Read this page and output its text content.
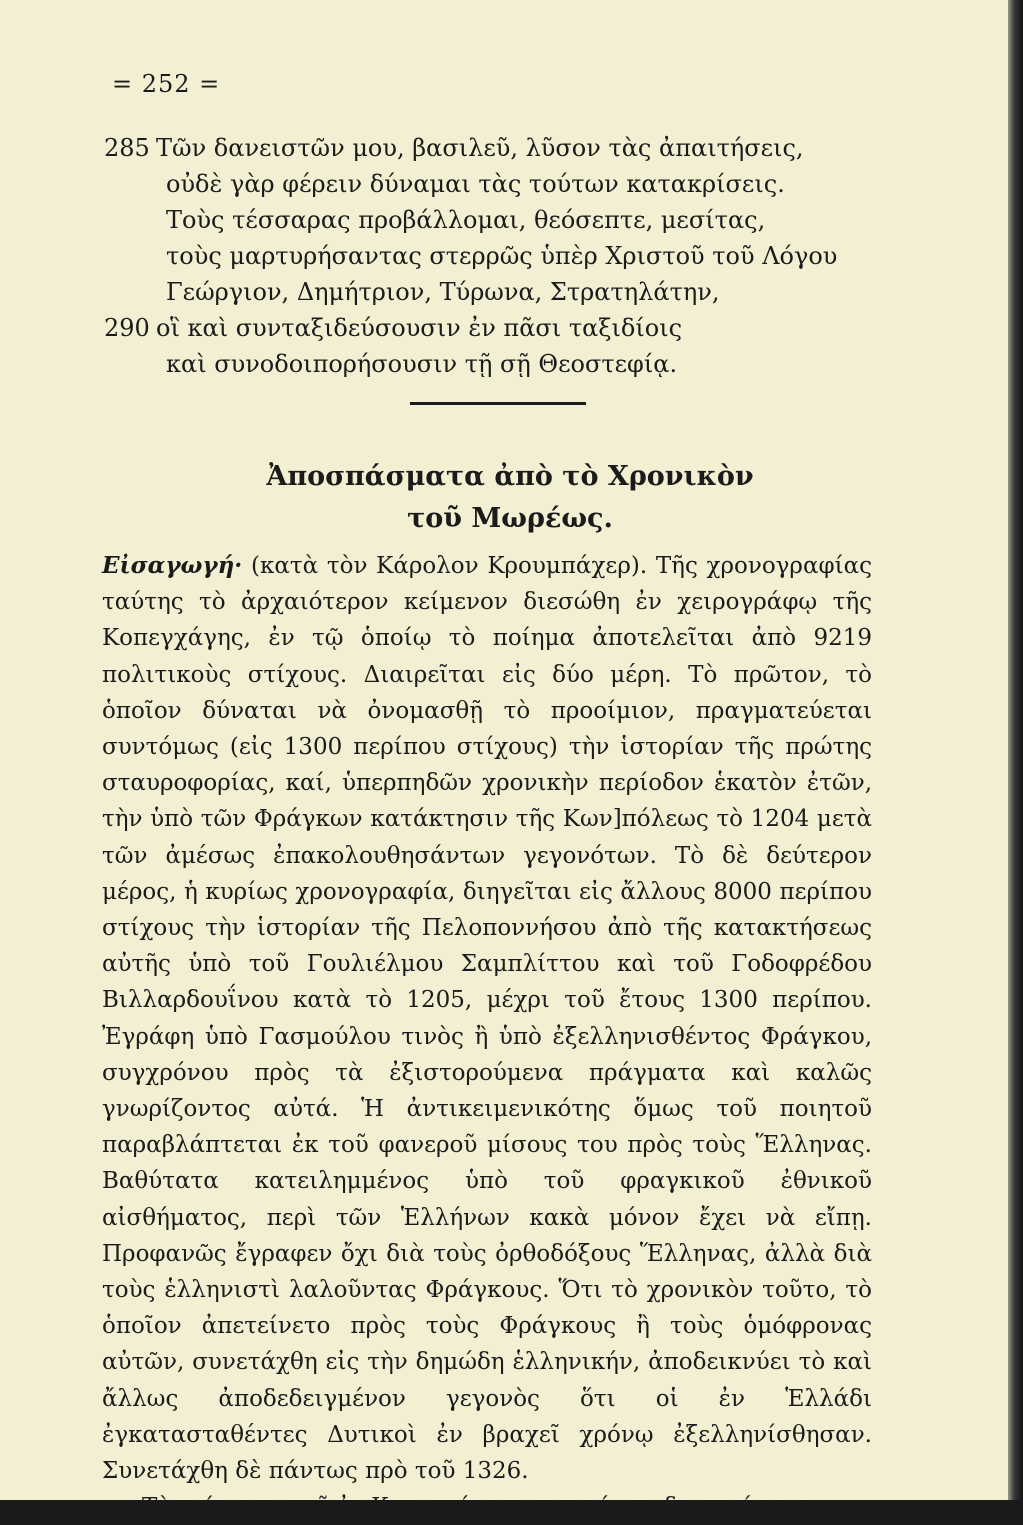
= 252 =
285 Τῶν δανειστῶν μου, βασιλεῦ, λῦσον τὰς ἀπαιτήσεις,
οὐδὲ γὰρ φέρειν δύναμαι τὰς τούτων κατακρίσεις.
Τοὺς τέσσαρας προβάλλομαι, θεόσεπτε, μεσίτας,
τοὺς μαρτυρήσαντας στερρῶς ὑπὲρ Χριστοῦ τοῦ Λόγου
Γεώργιον, Δημήτριον, Τύρωνα, Στρατηλάτην,
290 οἳ καὶ συνταξιδεύσουσιν ἐν πᾶσι ταξιδίοις
καὶ συνοδοιπορήσουσιν τῇ σῇ Θεοστεφίᾳ.
Ἀποσπάσματα ἀπὸ τὸ Χρονικὸν
τοῦ Μωρέως.

Εἰσαγωγή· (κατὰ τὸν Κάρολον Κρουμπάχερ). Τῆς χρονογραφίας ταύτης τὸ ἀρχαιότερον κείμενον διεσώθη ἐν χειρογράφῳ τῆς Κοπεγχάγης, ἐν τῷ ὁποίῳ τὸ ποίημα ἀποτελεῖται ἀπὸ 9219 πολιτικοὺς στίχους. Διαιρεῖται εἰς δύο μέρη. Τὸ πρῶτον, τὸ ὁποῖον δύναται νὰ ὀνομασθῇ τὸ προοίμιον, πραγματεύεται συντόμως (εἰς 1300 περίπου στίχους) τὴν ἱστορίαν τῆς πρώτης σταυροφορίας, καί, ὑπερπηδῶν χρονικὴν περίοδον ἑκατὸν ἐτῶν, τὴν ὑπὸ τῶν Φράγκων κατάκτησιν τῆς Κων]πόλεως τὸ 1204 μετὰ τῶν ἀμέσως ἐπακολουθησάντων γεγονότων. Τὸ δὲ δεύτερον μέρος, ἡ κυρίως χρονογραφία, διηγεῖται εἰς ἄλλους 8000 περίπου στίχους τὴν ἱστορίαν τῆς Πελοποννήσου ἀπὸ τῆς κατακτήσεως αὐτῆς ὑπὸ τοῦ Γουλιέλμου Σαμπλίττου καὶ τοῦ Γοδοφρέδου Βιλλαρδουΐνου κατὰ τὸ 1205, μέχρι τοῦ ἔτους 1300 περίπου. Ἐγράφη ὑπὸ Γασμούλου τινὸς ἢ ὑπὸ ἐξελληνισθέντος Φράγκου, συγχρόνου πρὸς τὰ ἐξιστορούμενα πράγματα καὶ καλῶς γνωρίζοντος αὐτά. Ἡ ἀντικειμενικότης ὅμως τοῦ ποιητοῦ παραβλάπτεται ἐκ τοῦ φανεροῦ μίσους του πρὸς τοὺς Ἕλληνας. Βαθύτατα κατειλημμένος ὑπὸ τοῦ φραγκικοῦ ἐθνικοῦ αἰσθήματος, περὶ τῶν Ἑλλήνων κακὰ μόνον ἔχει νὰ εἴπῃ. Προφανῶς ἔγραφεν ὄχι διὰ τοὺς ὀρθοδόξους Ἕλληνας, ἀλλὰ διὰ τοὺς ἑλληνιστὶ λαλοῦντας Φράγκους. Ὅτι τὸ χρονικὸν τοῦτο, τὸ ὁποῖον ἀπετείνετο πρὸς τοὺς Φράγκους ἢ τοὺς ὁμόφρονας αὐτῶν, συνετάχθη εἰς τὴν δημώδη ἑλληνικήν, ἀποδεικνύει τὸ καὶ ἄλλως ἀποδεδειγμένον γεγονὸς ὅτι οἱ ἐν Ἑλλάδι ἐγκατασταθέντες Δυτικοὶ ἐν βραχεῖ χρόνῳ ἐξελληνίσθησαν. Συνετάχθη δὲ πάντως πρὸ τοῦ 1326.

Τὸ κείμενον τοῦ ἐν Κοπεγχάγῃ χειρογράφου διεσκεύασεν
